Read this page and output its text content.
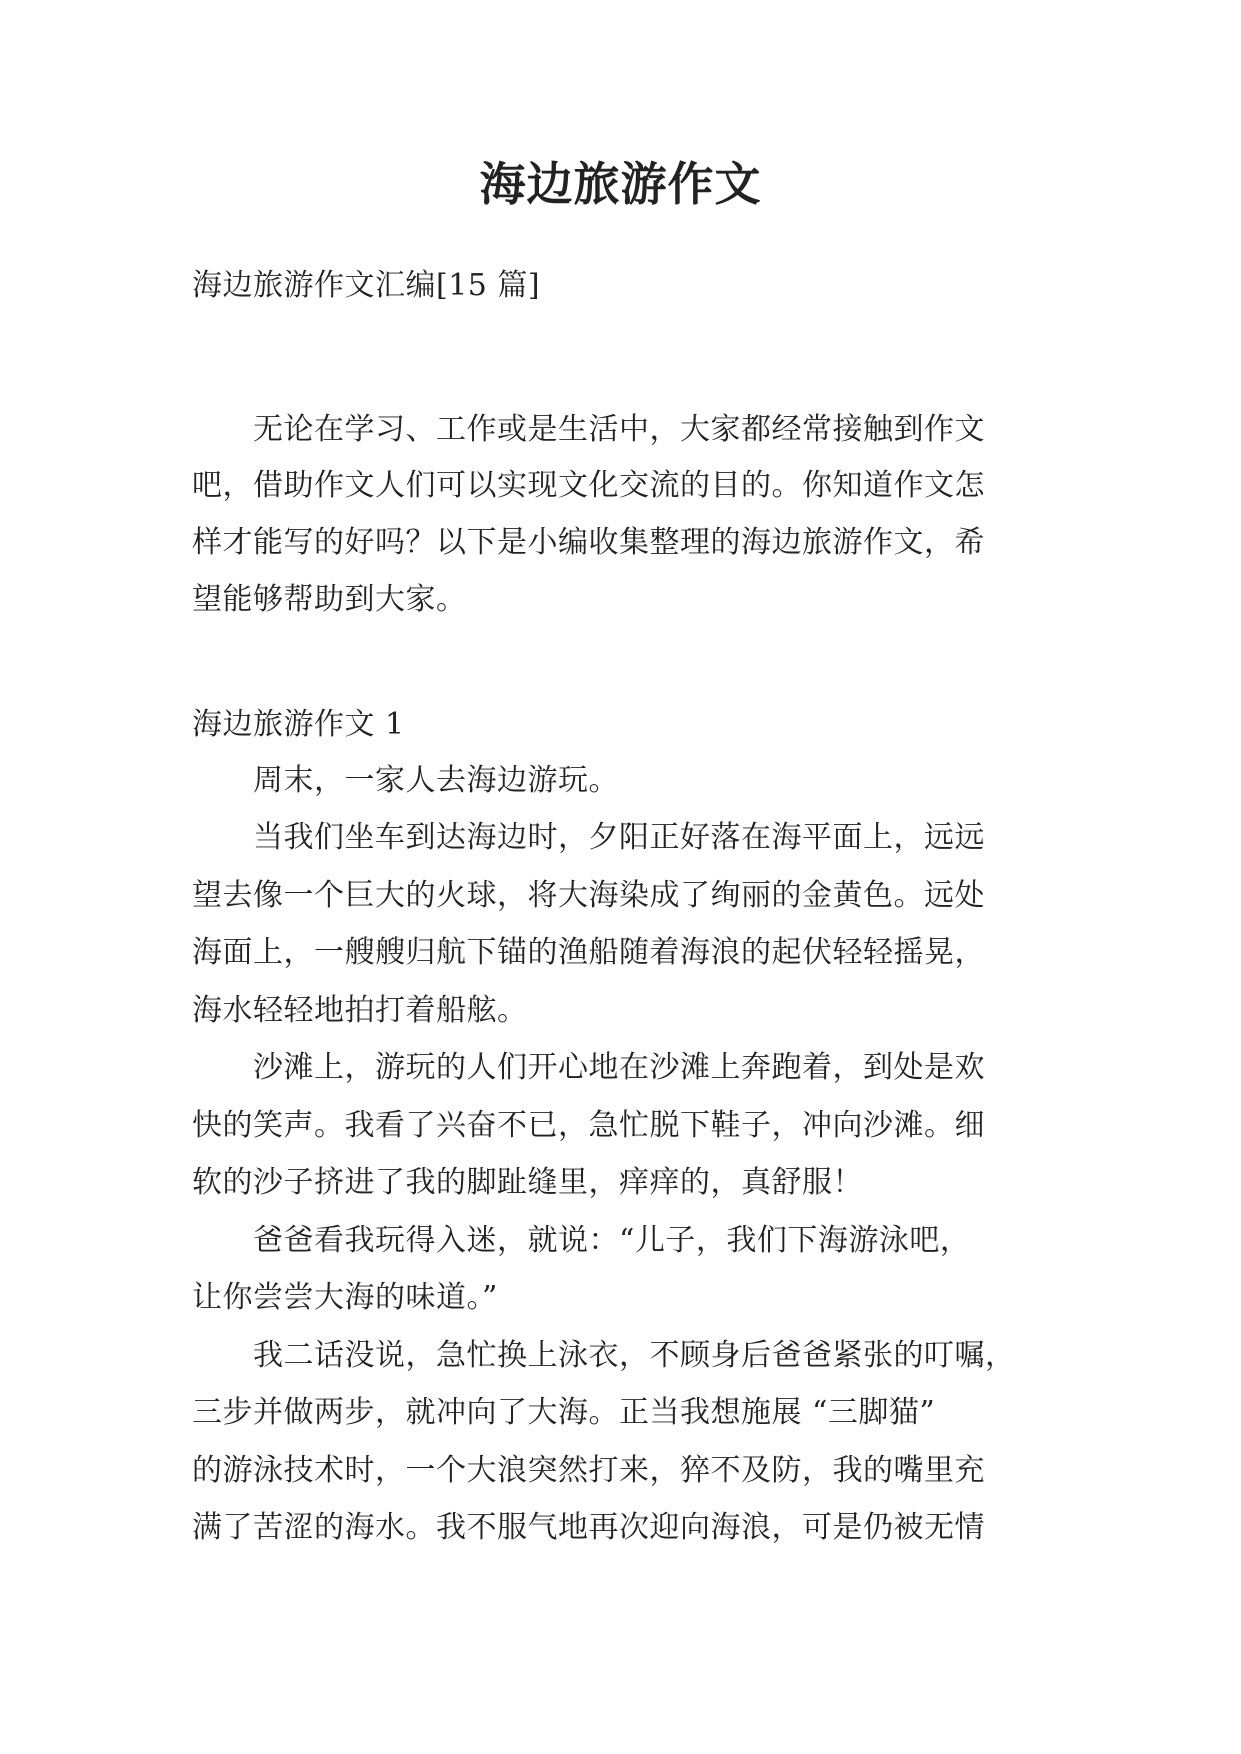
海边旅游作文

海边旅游作文汇编[15 篇]

　　无论在学习、工作或是生活中，大家都经常接触到作文

吧，借助作文人们可以实现文化交流的目的。你知道作文怎

样才能写的好吗？以下是小编收集整理的海边旅游作文，希

望能够帮助到大家。

海边旅游作文 1

　　周末，一家人去海边游玩。

　　当我们坐车到达海边时，夕阳正好落在海平面上，远远

望去像一个巨大的火球，将大海染成了绚丽的金黄色。远处

海面上，一艘艘归航下锚的渔船随着海浪的起伏轻轻摇晃，

海水轻轻地拍打着船舷。

　　沙滩上，游玩的人们开心地在沙滩上奔跑着，到处是欢

快的笑声。我看了兴奋不已，急忙脱下鞋子，冲向沙滩。细

软的沙子挤进了我的脚趾缝里，痒痒的，真舒服！

　　爸爸看我玩得入迷，就说：“儿子，我们下海游泳吧，

让你尝尝大海的味道。”

　　我二话没说，急忙换上泳衣，不顾身后爸爸紧张的叮嘱，

三步并做两步，就冲向了大海。正当我想施展 “三脚猫”

的游泳技术时，一个大浪突然打来，猝不及防，我的嘴里充

满了苦涩的海水。我不服气地再次迎向海浪，可是仍被无情
